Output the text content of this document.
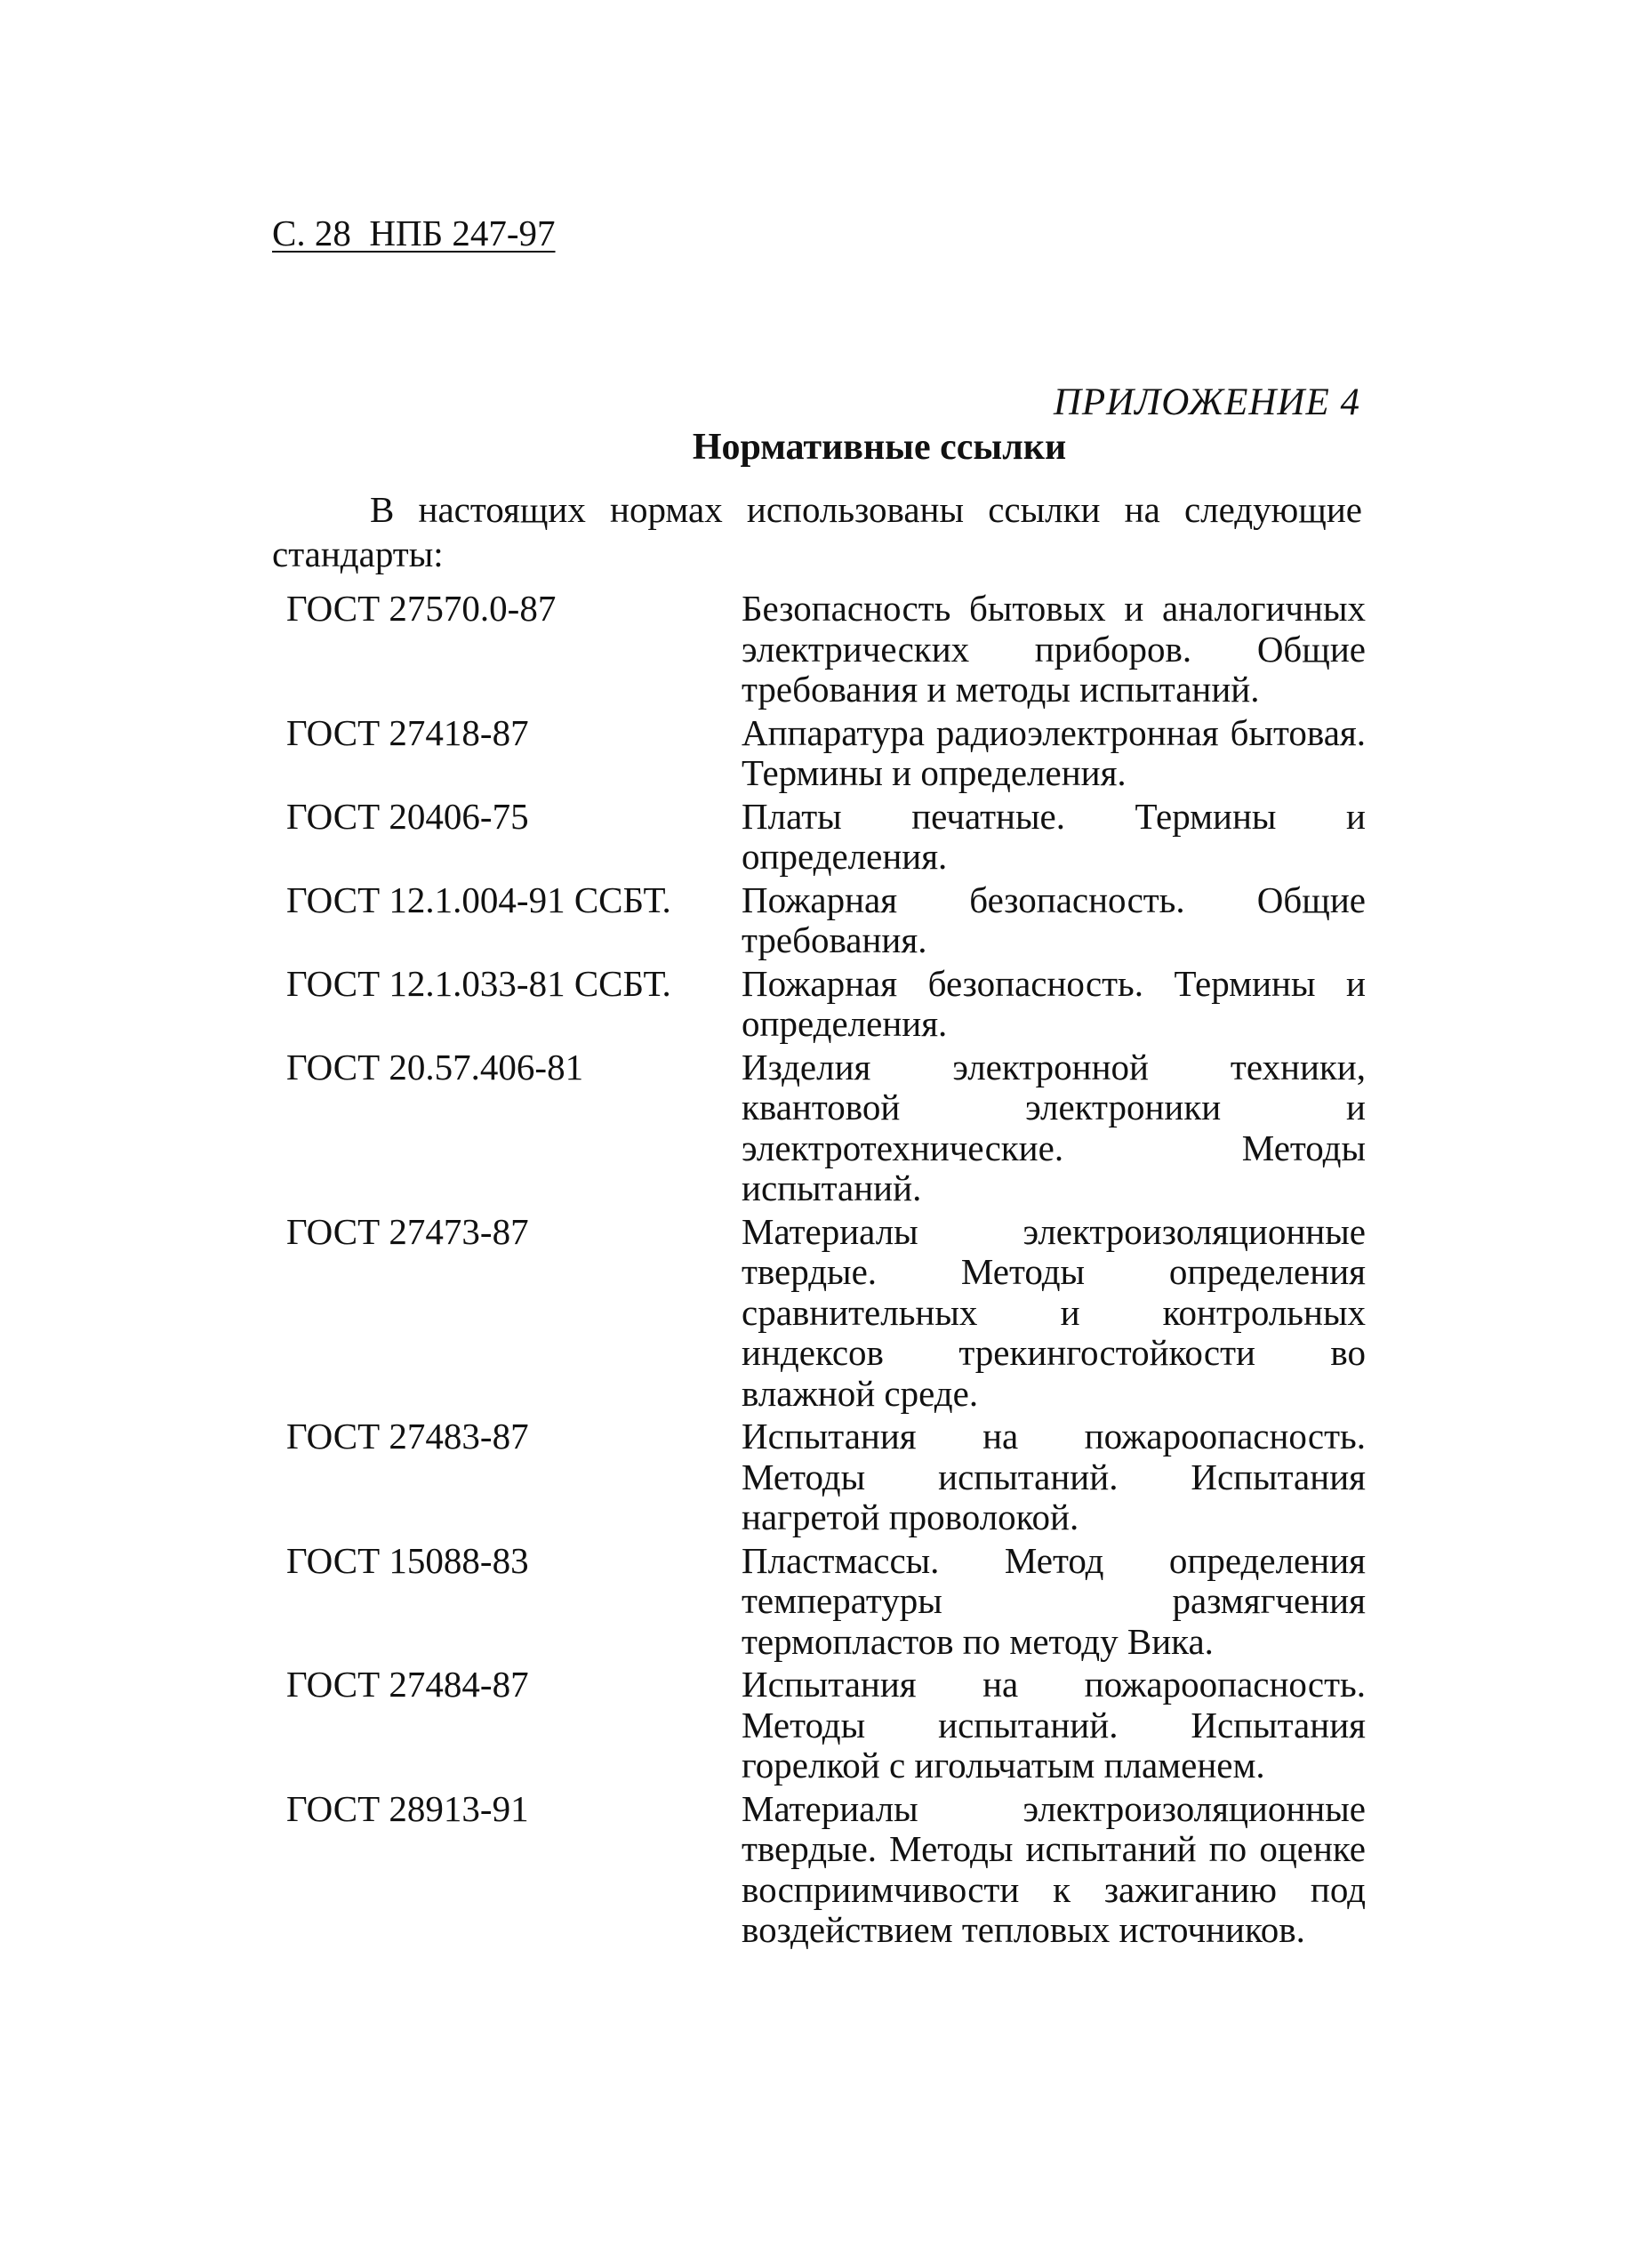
С. 28  НПБ 247-97
ПРИЛОЖЕНИЕ 4
Нормативные ссылки
В настоящих нормах использованы ссылки на следующие стандарты:
ГОСТ 27570.0-87	Безопасность бытовых и аналогичных электрических приборов. Общие требования и методы испытаний.
ГОСТ 27418-87	Аппаратура радиоэлектронная бытовая. Термины и определения.
ГОСТ 20406-75	Платы печатные. Термины и определения.
ГОСТ 12.1.004-91 ССБТ.	Пожарная безопасность. Общие требования.
ГОСТ 12.1.033-81 ССБТ.	Пожарная безопасность. Термины и определения.
ГОСТ 20.57.406-81	Изделия электронной техники, квантовой электроники и электротехнические. Методы испытаний.
ГОСТ 27473-87	Материалы электроизоляционные твердые. Методы определения сравнительных и контрольных индексов трекингостойкости во влажной среде.
ГОСТ 27483-87	Испытания на пожароопасность. Методы испытаний. Испытания нагретой проволокой.
ГОСТ 15088-83	Пластмассы. Метод определения температуры размягчения термопластов по методу Вика.
ГОСТ 27484-87	Испытания на пожароопасность. Методы испытаний. Испытания горелкой с игольчатым пламенем.
ГОСТ 28913-91	Материалы электроизоляционные твердые. Методы испытаний по оценке восприимчивости к зажиганию под воздействием тепловых источников.
